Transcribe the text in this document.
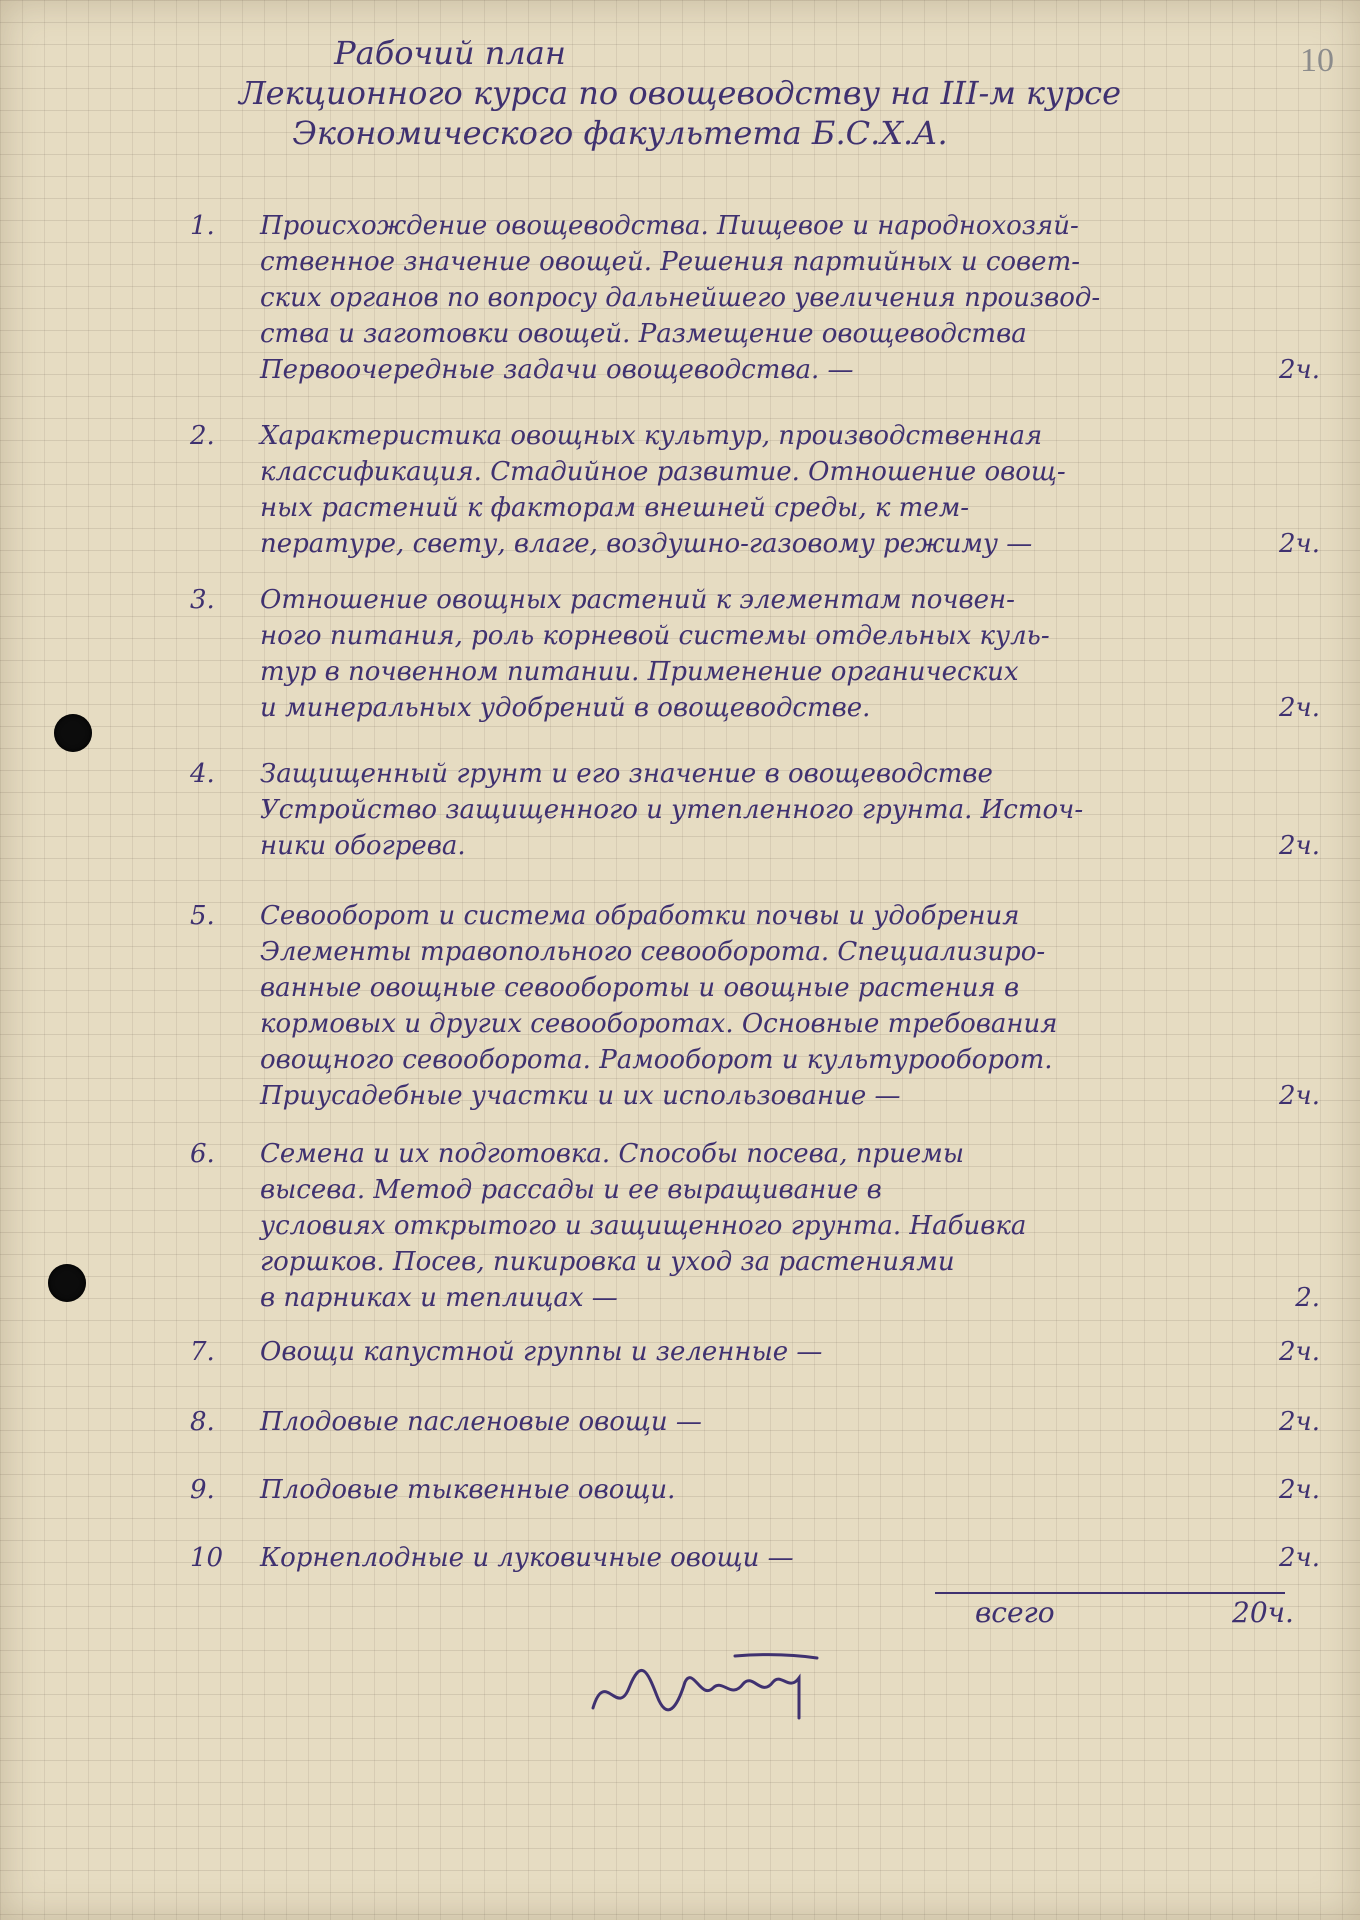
10
Рабочий план
Лекционного курса по овощеводству на III-м курсе
Экономического факультета Б.С.Х.А.
1.	Происхождение овощеводства. Пищевое и народнохозяй-
ственное значение овощей. Решения партийных и совет-
ских органов по вопросу дальнейшего увеличения производ-
ства и заготовки овощей. Размещение овощеводства
Первоочередные задачи овощеводства. —	2ч.
2.	Характеристика овощных культур, производственная
классификация. Стадийное развитие. Отношение овощ-
ных растений к факторам внешней среды, к тем-
пературе, свету, влаге, воздушно-газовому режиму —	2ч.
3.	Отношение овощных растений к элементам почвен-
ного питания, роль корневой системы отдельных куль-
тур в почвенном питании. Применение органических
и минеральных удобрений в овощеводстве.	2ч.
4.	Защищенный грунт и его значение в овощеводстве
Устройство защищенного и утепленного грунта. Источ-
ники обогрева.	2ч.
5.	Севооборот и система обработки почвы и удобрения
Элементы травопольного севооборота. Специализиро-
ванные овощные севообороты и овощные растения в
кормовых и других севооборотах. Основные требования
овощного севооборота. Рамооборот и культурооборот.
Приусадебные участки и их использование —	2ч.
6.	Семена и их подготовка. Способы посева, приемы
высева. Метод рассады и ее выращивание в
условиях открытого и защищенного грунта. Набивка
горшков. Посев, пикировка и уход за растениями
в парниках и теплицах —	2.
7.	Овощи капустной группы и зеленные —	2ч.
8.	Плодовые пасленовые овощи —	2ч.
9.	Плодовые тыквенные овощи.	2ч.
10	Корнеплодные и луковичные овощи —	2ч.
всего	20ч.
